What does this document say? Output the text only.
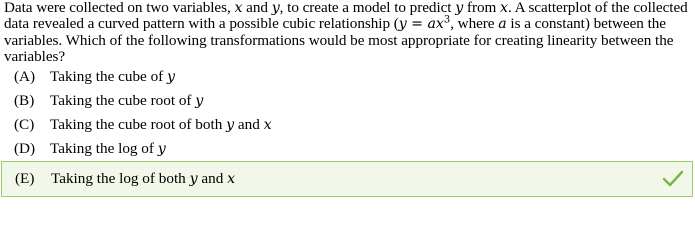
Data were collected on two variables, x and y, to create a model to predict y from x. A scatterplot of the collected
data revealed a curved pattern with a possible cubic relationship ($y = ax^3$, where a is a constant) between the
variables. Which of the following transformations would be most appropriate for creating linearity between the
variables?
(A) Taking the cube of y
(B) Taking the cube root of y
(C) Taking the cube root of both y and x
(D) Taking the log of y
(E) Taking the log of both y and x
